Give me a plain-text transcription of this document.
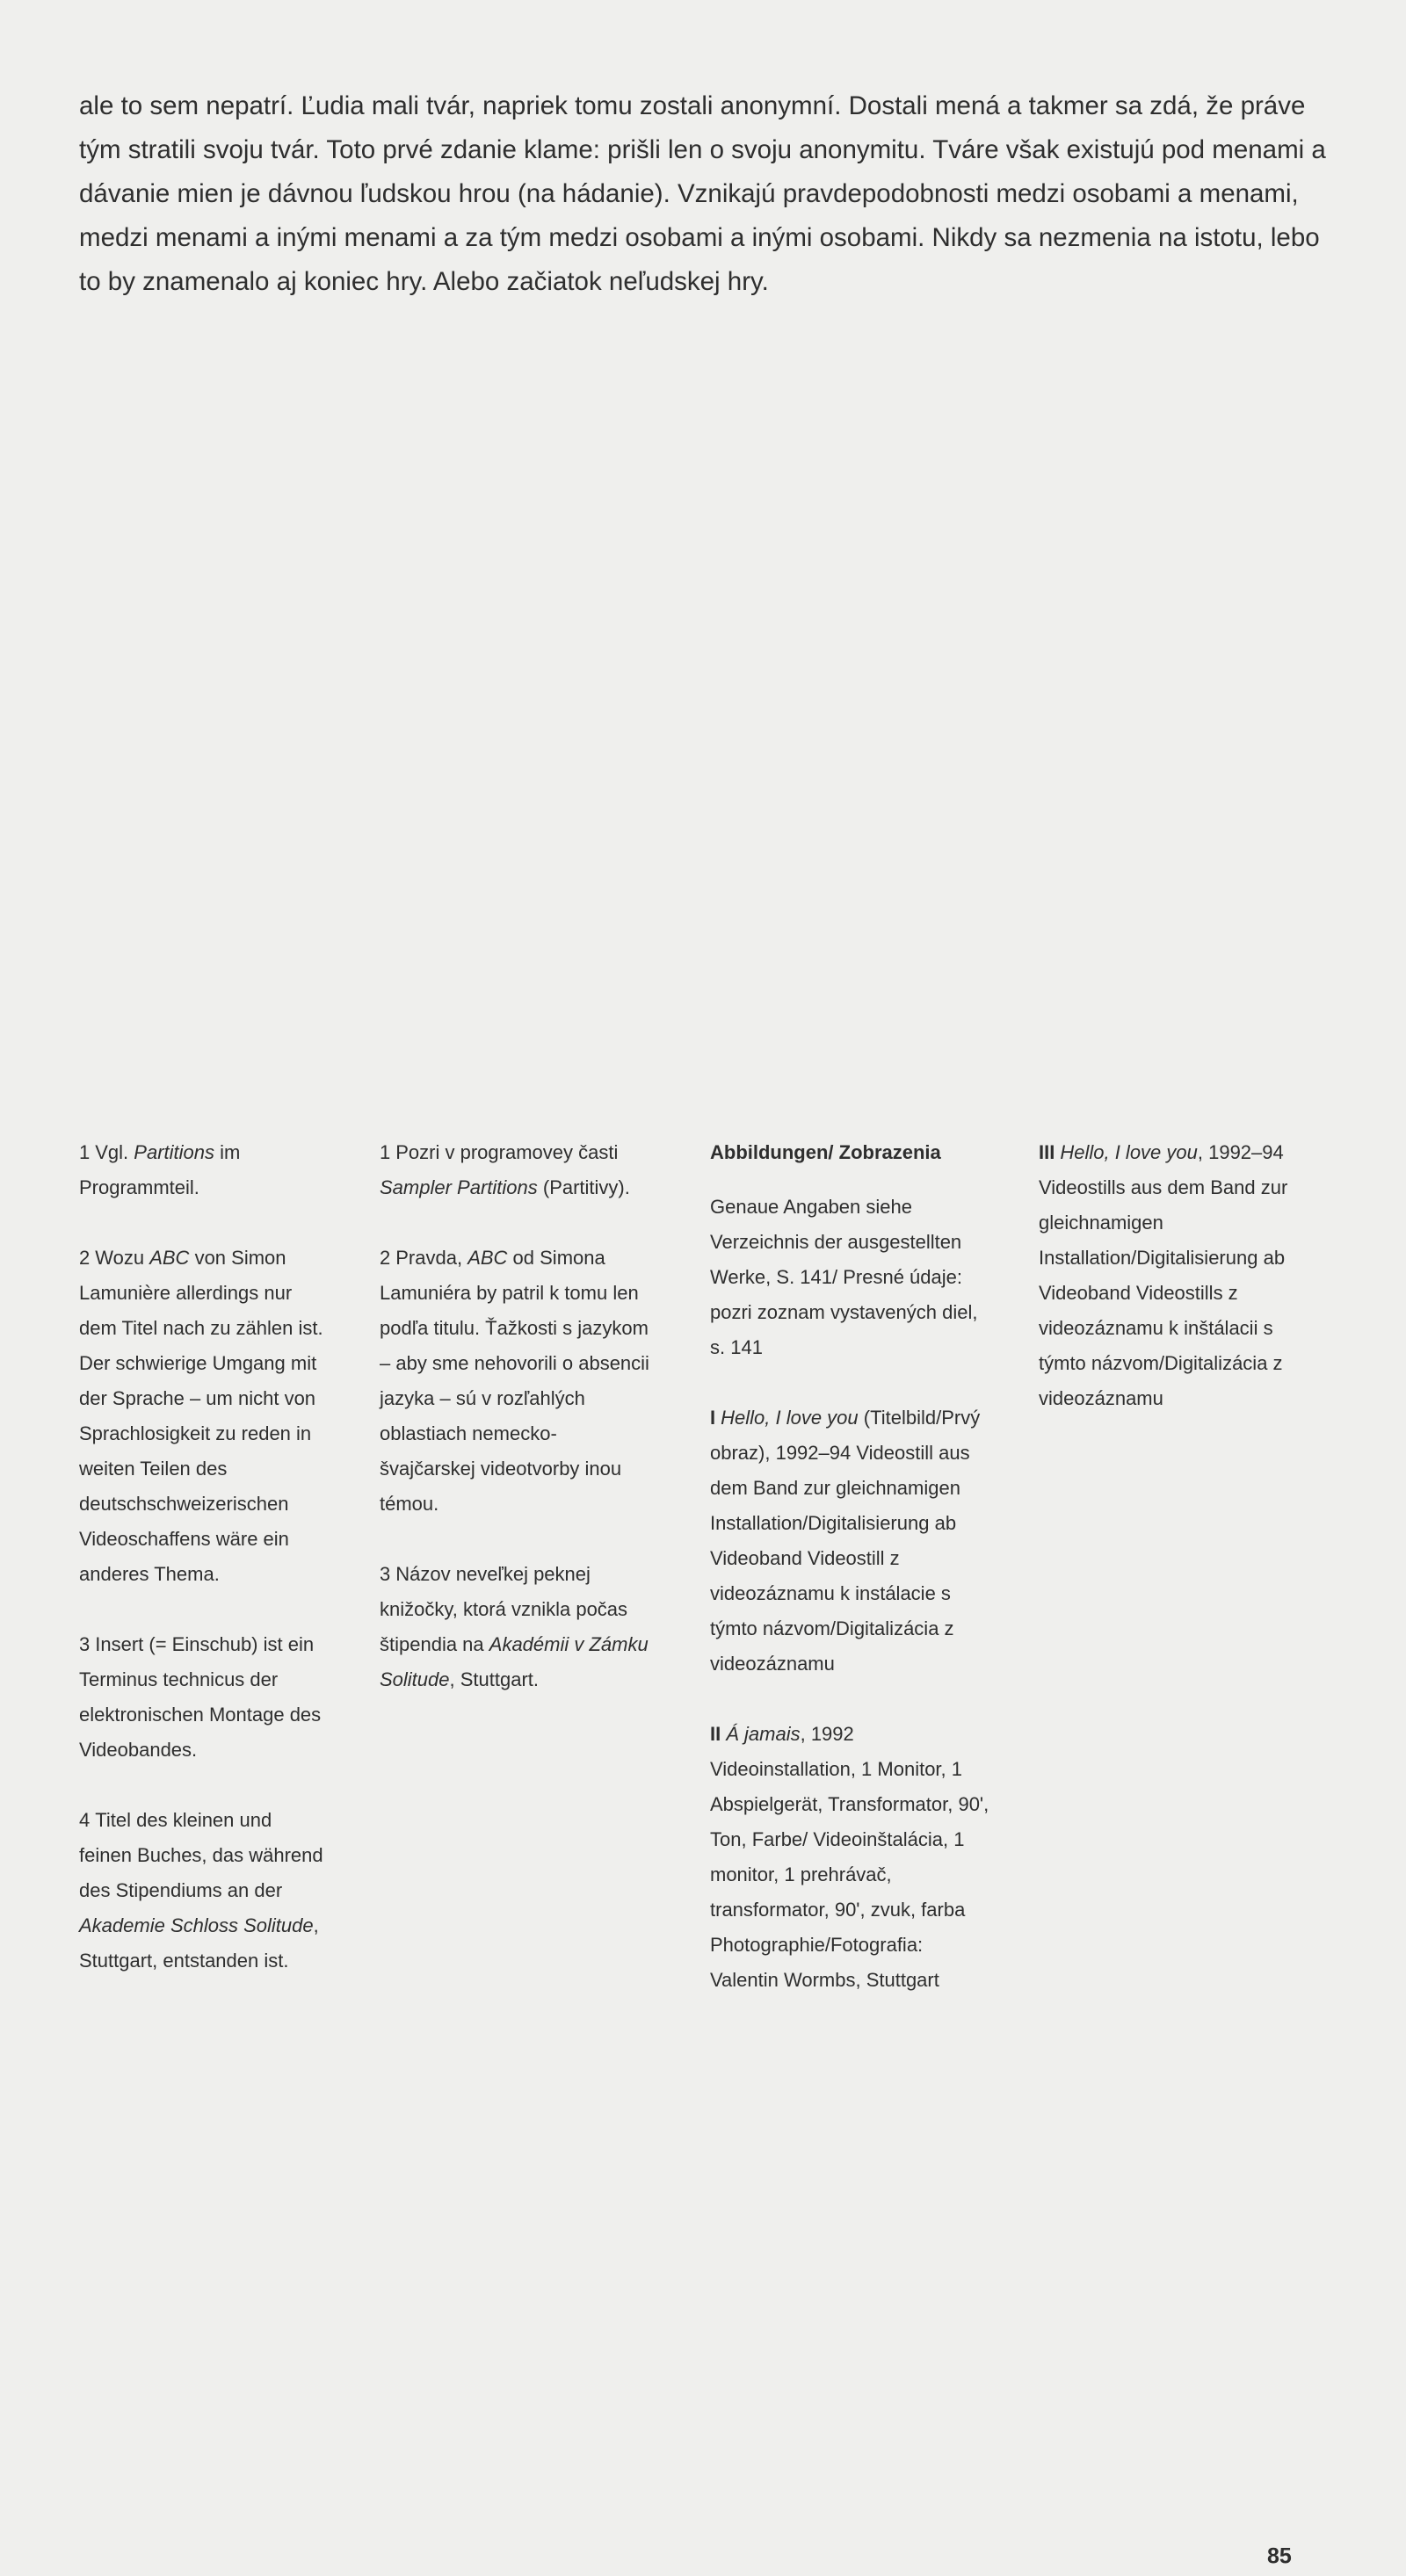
ale to sem nepatrí. Ľudia mali tvár, napriek tomu zostali anonymní. Dostali mená a takmer sa zdá, že práve tým stratili svoju tvár. Toto prvé zdanie klame: prišli len o svoju anonymitu. Tváre však existujú pod menami a dávanie mien je dávnou ľudskou hrou (na hádanie). Vznikajú pravdepodobnosti medzi osobami a menami, medzi menami a inými menami a za tým medzi osobami a inými osobami. Nikdy sa nezmenia na istotu, lebo to by znamenalo aj koniec hry. Alebo začiatok neľudskej hry.

1 Vgl. Partitions im Programmteil.

2 Wozu ABC von Simon Lamunière allerdings nur dem Titel nach zu zählen ist. Der schwierige Umgang mit der Sprache – um nicht von Sprachlosigkeit zu reden in weiten Teilen des deutschschweizerischen Videoschaffens wäre ein anderes Thema.

3 Insert (= Einschub) ist ein Terminus technicus der elektronischen Montage des Videobandes.

4 Titel des kleinen und feinen Buches, das während des Stipendiums an der Akademie Schloss Solitude, Stuttgart, entstanden ist.

1 Pozri v programovey časti Sampler Partitions (Partitivy).

2 Pravda, ABC od Simona Lamuniéra by patril k tomu len podľa titulu. Ťažkosti s jazykom – aby sme nehovorili o absencii jazyka – sú v rozľahlých oblastiach nemecko-švajčarskej videotvorby inou témou.

3 Názov neveľkej peknej knižočky, ktorá vznikla počas štipendia na Akadémii v Zámku Solitude, Stuttgart.

Abbildungen/ Zobrazenia

Genaue Angaben siehe Verzeichnis der ausgestellten Werke, S. 141/ Presné údaje: pozri zoznam vystavených diel, s. 141

I Hello, I love you (Titelbild/Prvý obraz), 1992–94 Videostill aus dem Band zur gleichnamigen Installation/Digitalisierung ab Videoband Videostill z videozáznamu k instálacie s týmto názvom/Digitalizácia z videozáznamu

II Á jamais, 1992 Videoinstallation, 1 Monitor, 1 Abspielgerät, Transformator, 90', Ton, Farbe/ Videoinštalácia, 1 monitor, 1 prehrávač, transformator, 90', zvuk, farba Photographie/Fotografia: Valentin Wormbs, Stuttgart

III Hello, I love you, 1992–94 Videostills aus dem Band zur gleichnamigen Installation/Digitalisierung ab Videoband Videostills z videozáznamu k inštálacii s týmto názvom/Digitalizácia z videozáznamu

85
